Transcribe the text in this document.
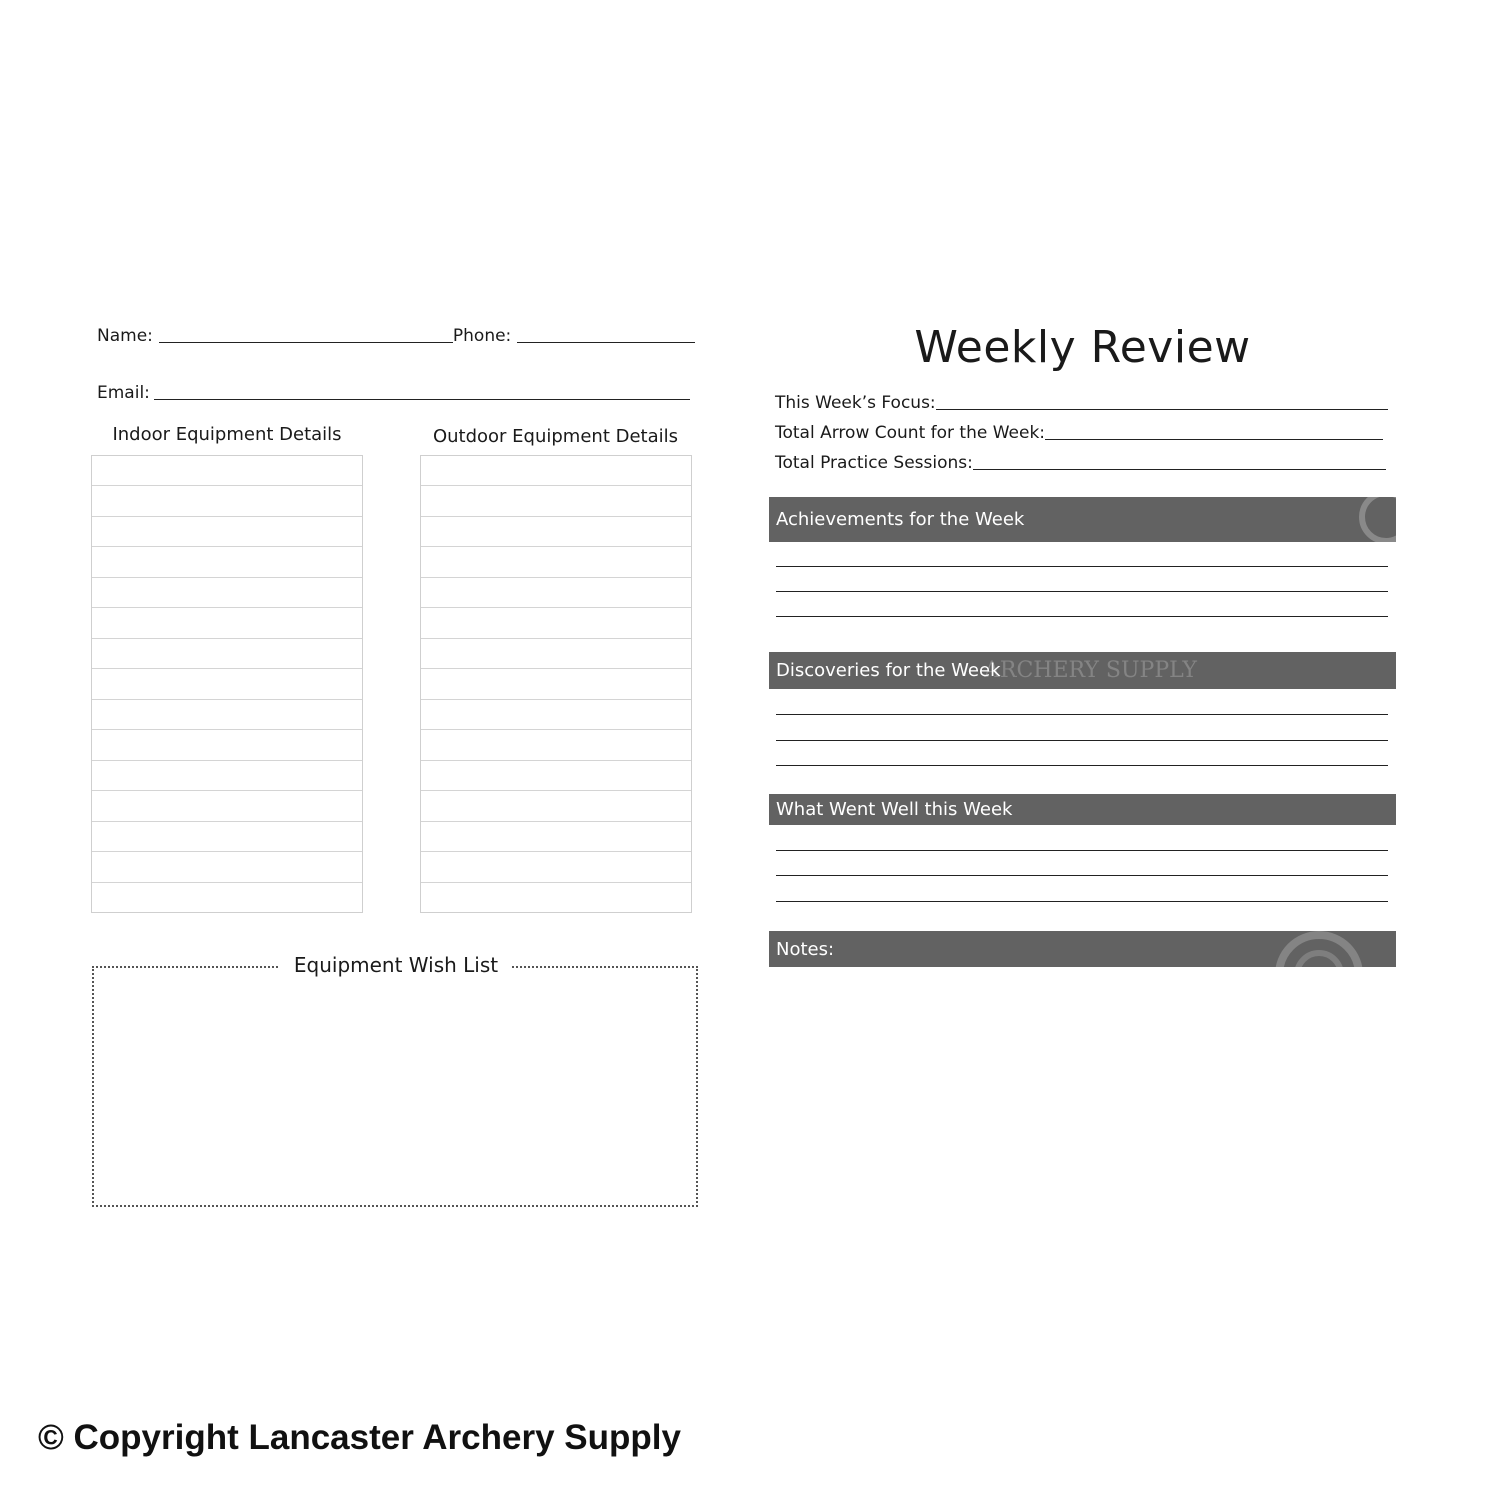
Name:	Phone:
Email:
Indoor Equipment Details	Outdoor Equipment Details
Equipment Wish List
Weekly Review
This Week’s Focus:
Total Arrow Count for the Week:
Total Practice Sessions:
Achievements for the Week
Discoveries for the Week
ARCHERY SUPPLY
What Went Well this Week
Notes:
© Copyright Lancaster Archery Supply
